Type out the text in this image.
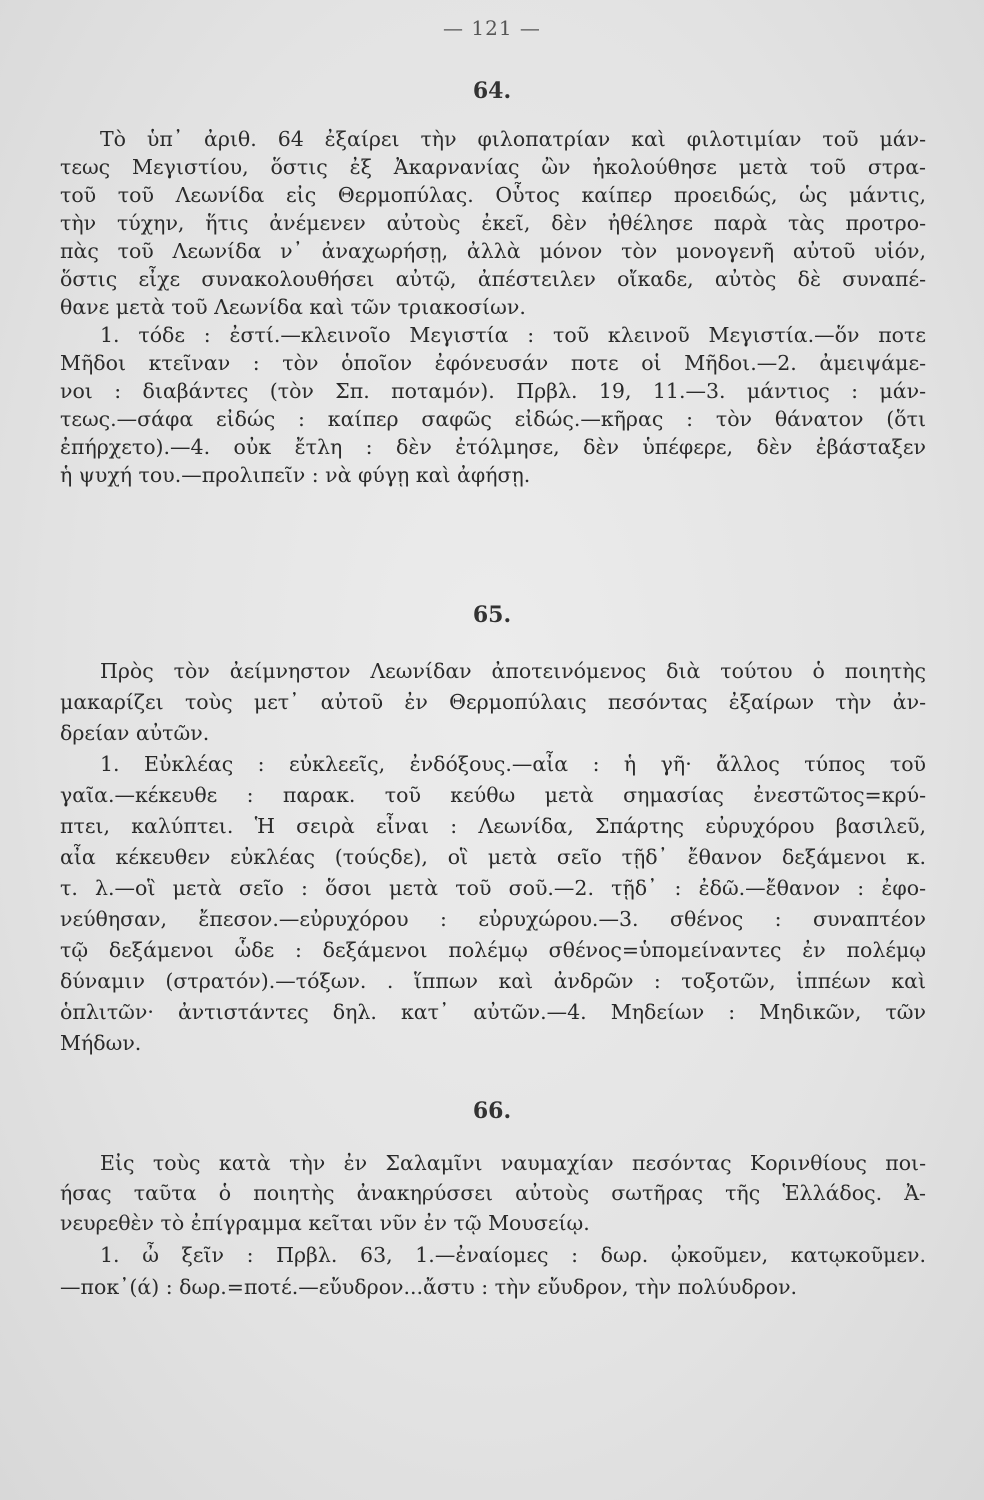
— 121 —
64.
Τὸ ὑπ᾽ ἀριθ. 64 ἐξαίρει τὴν φιλοπατρίαν καὶ φιλοτιμίαν τοῦ μάν-
τεως Μεγιστίου, ὅστις ἐξ Ἀκαρνανίας ὢν ἠκολούθησε μετὰ τοῦ στρα-
τοῦ τοῦ Λεωνίδα εἰς Θερμοπύλας. Οὗτος καίπερ προειδώς, ὡς μάντις,
τὴν τύχην, ἥτις ἀνέμενεν αὐτοὺς ἐκεῖ, δὲν ἠθέλησε παρὰ τὰς προτρο-
πὰς τοῦ Λεωνίδα ν᾽ ἀναχωρήσῃ, ἀλλὰ μόνον τὸν μονογενῆ αὐτοῦ υἱόν,
ὅστις εἶχε συνακολουθήσει αὐτῷ, ἀπέστειλεν οἴκαδε, αὐτὸς δὲ συναπέ-
θανε μετὰ τοῦ Λεωνίδα καὶ τῶν τριακοσίων.
1. τόδε : ἐστί.—κλεινοῖο Μεγιστία : τοῦ κλεινοῦ Μεγιστία.—ὅν ποτε
Μῆδοι κτεῖναν : τὸν ὁποῖον ἐφόνευσάν ποτε οἱ Μῆδοι.—2. ἀμειψάμε-
νοι : διαβάντες (τὸν Σπ. ποταμόν). Πρβλ. 19, 11.—3. μάντιος : μάν-
τεως.—σάφα εἰδώς : καίπερ σαφῶς εἰδώς.—κῆρας : τὸν θάνατον (ὅτι
ἐπήρχετο).—4. οὐκ ἔτλη : δὲν ἐτόλμησε, δὲν ὑπέφερε, δὲν ἐβάσταξεν
ἡ ψυχή του.—προλιπεῖν : νὰ φύγῃ καὶ ἀφήσῃ.
65.
Πρὸς τὸν ἀείμνηστον Λεωνίδαν ἀποτεινόμενος διὰ τούτου ὁ ποιητὴς
μακαρίζει τοὺς μετ᾽ αὐτοῦ ἐν Θερμοπύλαις πεσόντας ἐξαίρων τὴν ἀν-
δρείαν αὐτῶν.
1. Εὐκλέας : εὐκλεεῖς, ἐνδόξους.—αἶα : ἡ γῆ· ἄλλος τύπος τοῦ
γαῖα.—κέκευθε : παρακ. τοῦ κεύθω μετὰ σημασίας ἐνεστῶτος=κρύ-
πτει, καλύπτει. Ἡ σειρὰ εἶναι : Λεωνίδα, Σπάρτης εὐρυχόρου βασιλεῦ,
αἶα κέκευθεν εὐκλέας (τούςδε), οἳ μετὰ σεῖο τῇδ᾽ ἔθανον δεξάμενοι κ.
τ. λ.—οἳ μετὰ σεῖο : ὅσοι μετὰ τοῦ σοῦ.—2. τῇδ᾽ : ἐδῶ.—ἔθανον : ἐφο-
νεύθησαν, ἔπεσον.—εὐρυχόρου : εὐρυχώρου.—3. σθένος : συναπτέον
τῷ δεξάμενοι ὧδε : δεξάμενοι πολέμῳ σθένος=ὑπομείναντες ἐν πολέμῳ
δύναμιν (στρατόν).—τόξων. . ἵππων καὶ ἀνδρῶν : τοξοτῶν, ἱππέων καὶ
ὁπλιτῶν· ἀντιστάντες δηλ. κατ᾽ αὐτῶν.—4. Μηδείων : Μηδικῶν, τῶν
Μήδων.
66.
Εἰς τοὺς κατὰ τὴν ἐν Σαλαμῖνι ναυμαχίαν πεσόντας Κορινθίους ποι-
ήσας ταῦτα ὁ ποιητὴς ἀνακηρύσσει αὐτοὺς σωτῆρας τῆς Ἑλλάδος. Ἀ-
νευρεθὲν τὸ ἐπίγραμμα κεῖται νῦν ἐν τῷ Μουσείῳ.
1. ὦ ξεῖν : Πρβλ. 63, 1.—ἐναίομες : δωρ. ᾠκοῦμεν, κατῳκοῦμεν.
—ποκ᾽(ά) : δωρ.=ποτέ.—εὔυδρον...ἄστυ : τὴν εὔυδρον, τὴν πολύυδρον.
